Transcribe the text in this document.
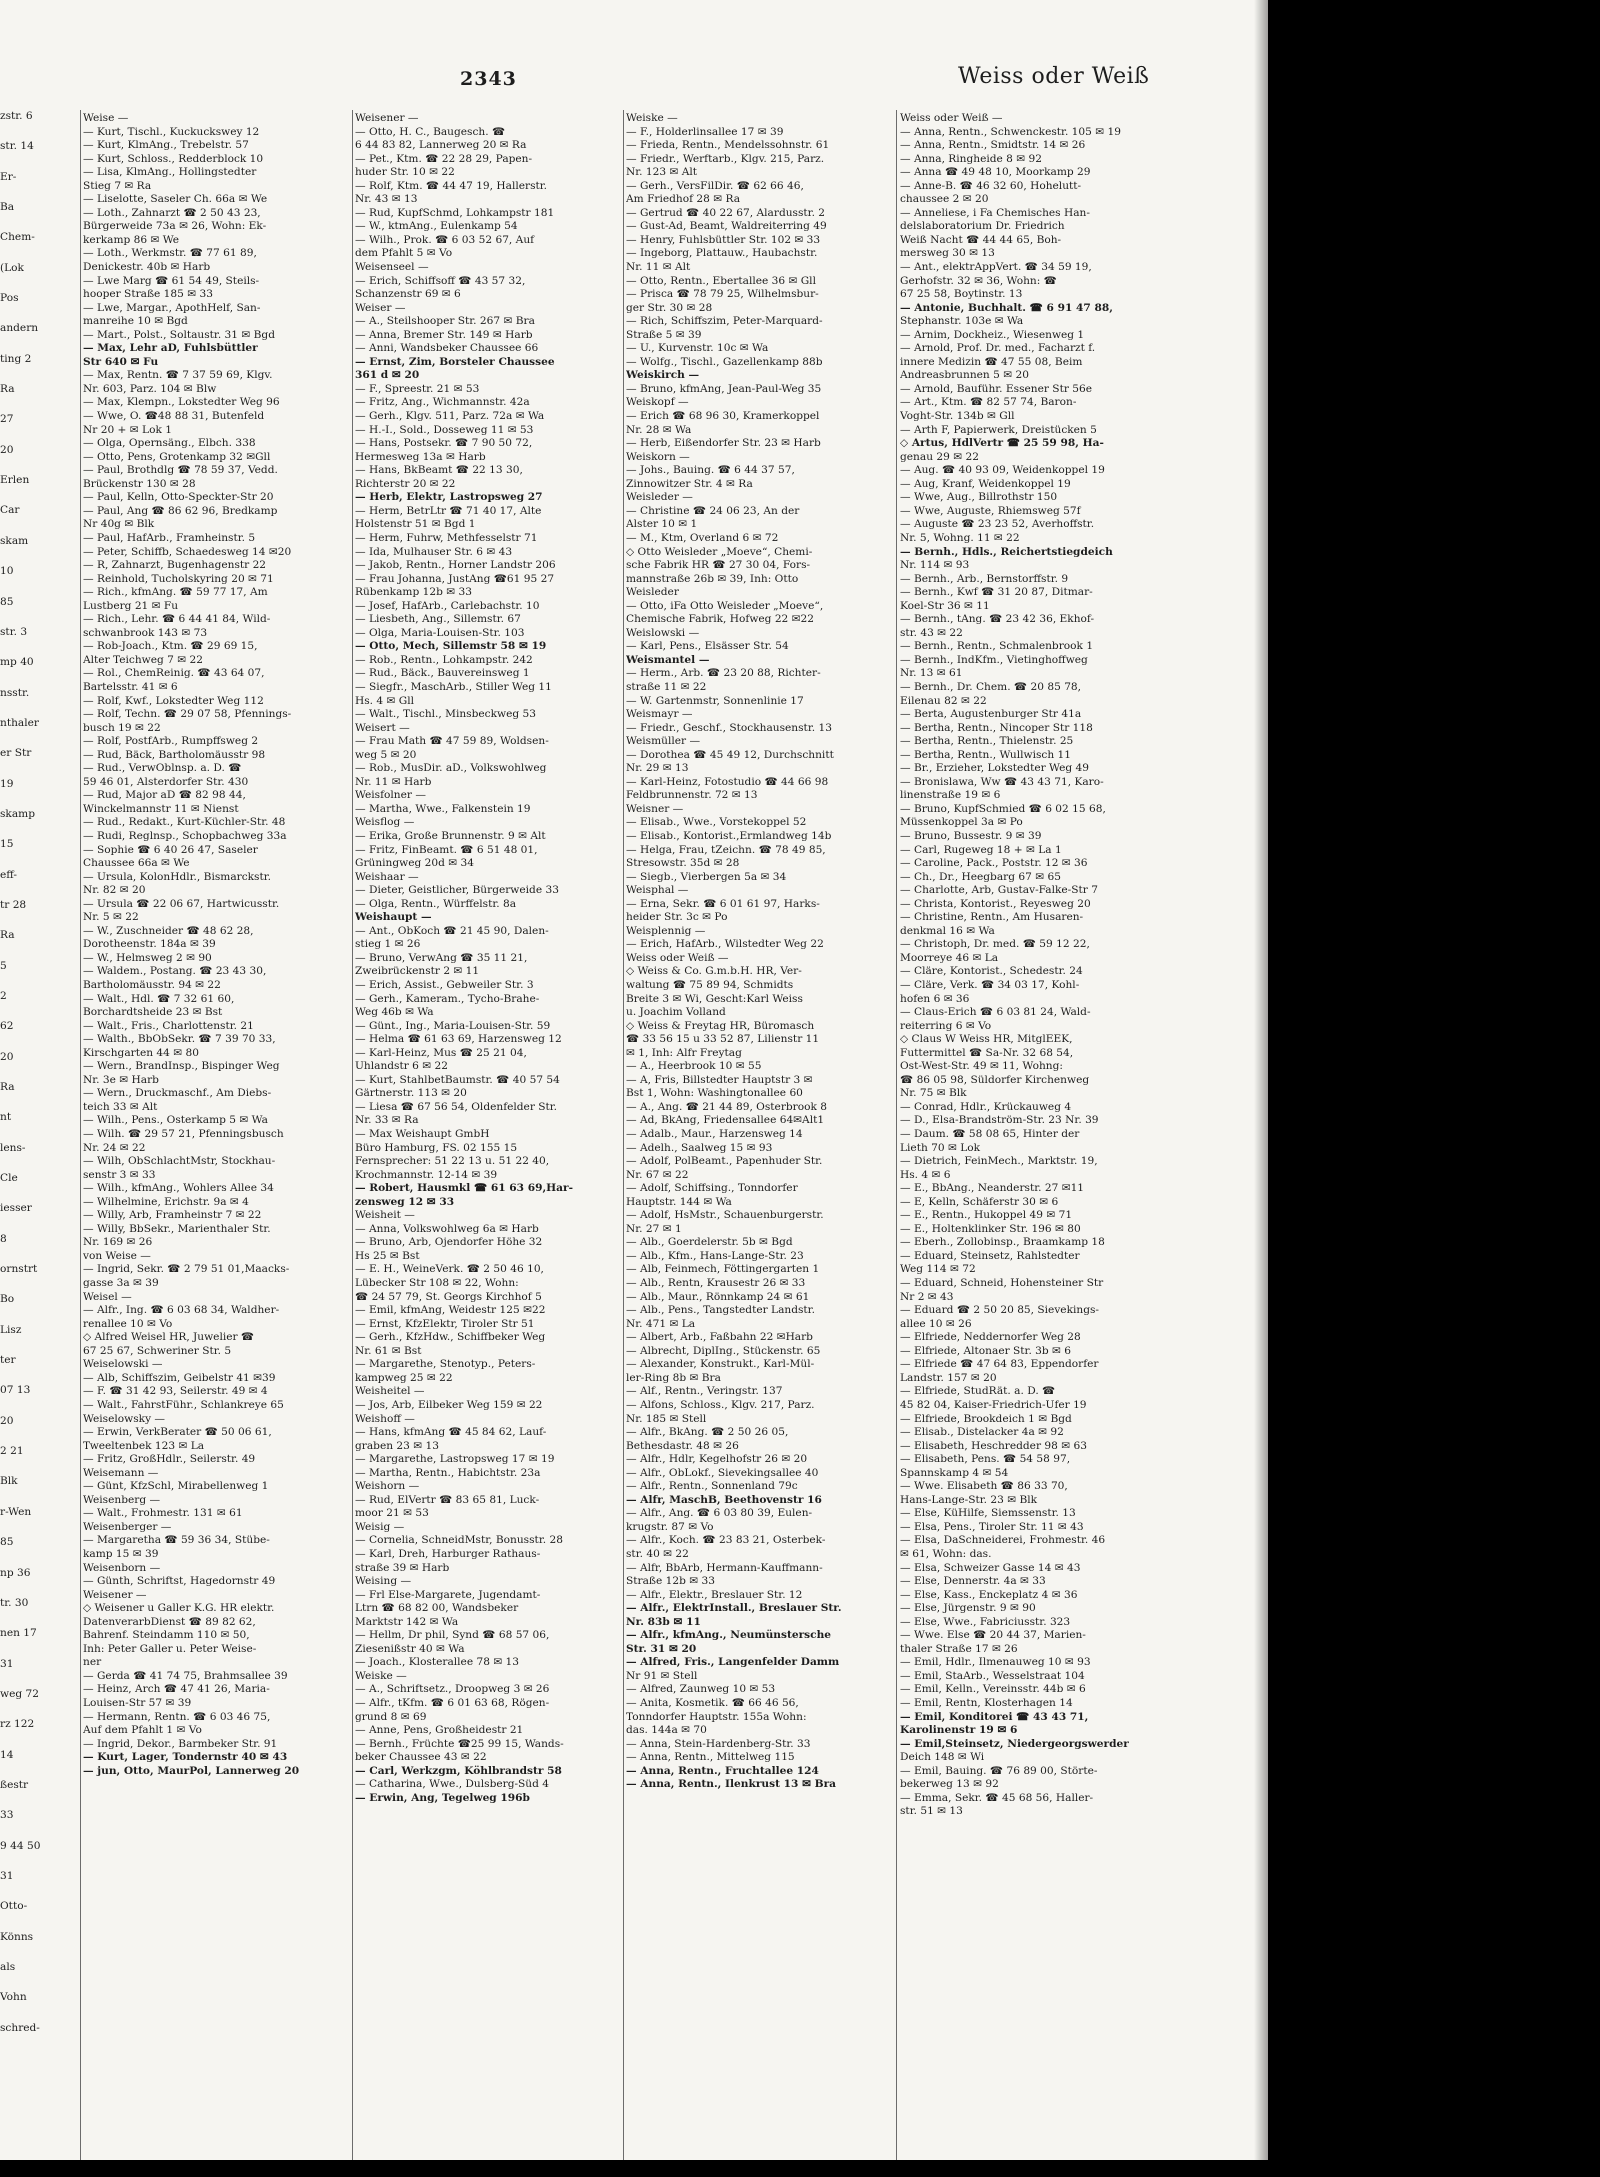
2343	Weiss oder Weiß
zstr. 6
str. 14
Er-
Ba
Chem-
(Lok
Pos
andern
ting 2
Ra
27
20
Erlen
Car
skam
10
85
str. 3
mp 40
nsstr.
nthaler
er Str
19
skamp
15
eff-
tr 28
Ra
5
2
62
20
Ra
nt
lens-
Cle
iesser
8
ornstrt
Bo
Lisz
ter
07 13
20
2 21
Blk
r-Wen
85
np 36
tr. 30
nen 17
31
weg 72
rz 122
14
ßestr
33
9 44 50
31
Otto-
Könns
als
Vohn
schred-
Weise —
— Kurt, Tischl., Kuckuckswey 12
— Kurt, KlmAng., Trebelstr. 57
— Kurt, Schloss., Redderblock 10
— Lisa, KlmAng., Hollingstedter
Stieg 7 ✉ Ra
— Liselotte, Saseler Ch. 66a ✉ We
— Loth., Zahnarzt ☎ 2 50 43 23,
Bürgerweide 73a ✉ 26, Wohn: Ek-
kerkamp 86 ✉ We
— Loth., Werkmstr. ☎ 77 61 89,
Denickestr. 40b ✉ Harb
— Lwe Marg ☎ 61 54 49, Steils-
hooper Straße 185 ✉ 33
— Lwe, Margar., ApothHelf, San-
manreihe 10 ✉ Bgd
— Mart., Polst., Soltaustr. 31 ✉ Bgd
— Max, Lehr aD, Fuhlsbüttler
Str 640 ✉ Fu
— Max, Rentn. ☎ 7 37 59 69, Klgv.
Nr. 603, Parz. 104 ✉ Blw
— Max, Klempn., Lokstedter Weg 96
— Wwe, O. ☎48 88 31, Butenfeld
Nr 20 + ✉ Lok 1
— Olga, Opernsäng., Elbch. 338
— Otto, Pens, Grotenkamp 32 ✉Gll
— Paul, Brothdlg ☎ 78 59 37, Vedd.
Brückenstr 130 ✉ 28
— Paul, Kelln, Otto-Speckter-Str 20
— Paul, Ang ☎ 86 62 96, Bredkamp
Nr 40g ✉ Blk
— Paul, HafArb., Framheinstr. 5
— Peter, Schiffb, Schaedesweg 14 ✉20
— R, Zahnarzt, Bugenhagenstr 22
— Reinhold, Tucholskyring 20 ✉ 71
— Rich., kfmAng. ☎ 59 77 17, Am
Lustberg 21 ✉ Fu
— Rich., Lehr. ☎ 6 44 41 84, Wild-
schwanbrook 143 ✉ 73
— Rob-Joach., Ktm. ☎ 29 69 15,
Alter Teichweg 7 ✉ 22
— Rol., ChemReinig. ☎ 43 64 07,
Bartelsstr. 41 ✉ 6
— Rolf, Kwf., Lokstedter Weg 112
— Rolf, Techn. ☎ 29 07 58, Pfennings-
busch 19 ✉ 22
— Rolf, PostfArb., Rumpffsweg 2
— Rud, Bäck, Bartholomäusstr 98
— Rud., VerwOblnsp. a. D. ☎
59 46 01, Alsterdorfer Str. 430
— Rud, Major aD ☎ 82 98 44,
Winckelmannstr 11 ✉ Nienst
— Rud., Redakt., Kurt-Küchler-Str. 48
— Rudi, Reglnsp., Schopbachweg 33a
— Sophie ☎ 6 40 26 47, Saseler
Chaussee 66a ✉ We
— Ursula, KolonHdlr., Bismarckstr.
Nr. 82 ✉ 20
— Ursula ☎ 22 06 67, Hartwicusstr.
Nr. 5 ✉ 22
— W., Zuschneider ☎ 48 62 28,
Dorotheenstr. 184a ✉ 39
— W., Helmsweg 2 ✉ 90
— Waldem., Postang. ☎ 23 43 30,
Bartholomäusstr. 94 ✉ 22
— Walt., Hdl. ☎ 7 32 61 60,
Borchardtsheide 23 ✉ Bst
— Walt., Fris., Charlottenstr. 21
— Walth., BbObSekr. ☎ 7 39 70 33,
Kirschgarten 44 ✉ 80
— Wern., BrandInsp., Bispinger Weg
Nr. 3e ✉ Harb
— Wern., Druckmaschf., Am Diebs-
teich 33 ✉ Alt
— Wilh., Pens., Osterkamp 5 ✉ Wa
— Wilh. ☎ 29 57 21, Pfenningsbusch
Nr. 24 ✉ 22
— Wilh, ObSchlachtMstr, Stockhau-
senstr 3 ✉ 33
— Wilh., kfmAng., Wohlers Allee 34
— Wilhelmine, Erichstr. 9a ✉ 4
— Willy, Arb, Framheinstr 7 ✉ 22
— Willy, BbSekr., Marienthaler Str.
Nr. 169 ✉ 26
von Weise —
— Ingrid, Sekr. ☎ 2 79 51 01,Maacks-
gasse 3a ✉ 39
Weisel —
— Alfr., Ing. ☎ 6 03 68 34, Waldher-
renallee 10 ✉ Vo
◇ Alfred Weisel HR, Juwelier ☎
67 25 67, Schweriner Str. 5
Weiselowski —
— Alb, Schiffszim, Geibelstr 41 ✉39
— F. ☎ 31 42 93, Seilerstr. 49 ✉ 4
— Walt., FahrstFühr., Schlankreye 65
Weiselowsky —
— Erwin, VerkBerater ☎ 50 06 61,
Tweeltenbek 123 ✉ La
— Fritz, GroßHdlr., Seilerstr. 49
Weisemann —
— Günt, KfzSchl, Mirabellenweg 1
Weisenberg —
— Walt., Frohmestr. 131 ✉ 61
Weisenberger —
— Margaretha ☎ 59 36 34, Stübe-
kamp 15 ✉ 39
Weisenborn —
— Günth, Schriftst, Hagedornstr 49
Weisener —
◇ Weisener u Galler K.G. HR elektr.
DatenverarbDienst ☎ 89 82 62,
Bahrenf. Steindamm 110 ✉ 50,
Inh: Peter Galler u. Peter Weise-
ner
— Gerda ☎ 41 74 75, Brahmsallee 39
— Heinz, Arch ☎ 47 41 26, Maria-
Louisen-Str 57 ✉ 39
— Hermann, Rentn. ☎ 6 03 46 75,
Auf dem Pfahlt 1 ✉ Vo
— Ingrid, Dekor., Barmbeker Str. 91
— Kurt, Lager, Tondernstr 40 ✉ 43
— jun, Otto, MaurPol, Lannerweg 20
Weisener —
— Otto, H. C., Baugesch. ☎
6 44 83 82, Lannerweg 20 ✉ Ra
— Pet., Ktm. ☎ 22 28 29, Papen-
huder Str. 10 ✉ 22
— Rolf, Ktm. ☎ 44 47 19, Hallerstr.
Nr. 43 ✉ 13
— Rud, KupfSchmd, Lohkampstr 181
— W., ktmAng., Eulenkamp 54
— Wilh., Prok. ☎ 6 03 52 67, Auf
dem Pfahlt 5 ✉ Vo
Weisenseel —
— Erich, Schiffsoff ☎ 43 57 32,
Schanzenstr 69 ✉ 6
Weiser —
— A., Steilshooper Str. 267 ✉ Bra
— Anna, Bremer Str. 149 ✉ Harb
— Anni, Wandsbeker Chaussee 66
— Ernst, Zim, Borsteler Chaussee
361 d ✉ 20
— F., Spreestr. 21 ✉ 53
— Fritz, Ang., Wichmannstr. 42a
— Gerh., Klgv. 511, Parz. 72a ✉ Wa
— H.-I., Sold., Dosseweg 11 ✉ 53
— Hans, Postsekr. ☎ 7 90 50 72,
Hermesweg 13a ✉ Harb
— Hans, BkBeamt ☎ 22 13 30,
Richterstr 20 ✉ 22
— Herb, Elektr, Lastropsweg 27
— Herm, BetrLtr ☎ 71 40 17, Alte
Holstenstr 51 ✉ Bgd 1
— Herm, Fuhrw, Methfesselstr 71
— Ida, Mulhauser Str. 6 ✉ 43
— Jakob, Rentn., Horner Landstr 206
— Frau Johanna, JustAng ☎61 95 27
Rübenkamp 12b ✉ 33
— Josef, HafArb., Carlebachstr. 10
— Liesbeth, Ang., Sillemstr. 67
— Olga, Maria-Louisen-Str. 103
— Otto, Mech, Sillemstr 58 ✉ 19
— Rob., Rentn., Lohkampstr. 242
— Rud., Bäck., Bauvereinsweg 1
— Siegfr., MaschArb., Stiller Weg 11
Hs. 4 ✉ Gll
— Walt., Tischl., Minsbeckweg 53
Weisert —
— Frau Math ☎ 47 59 89, Woldsen-
weg 5 ✉ 20
— Rob., MusDir. aD., Volkswohlweg
Nr. 11 ✉ Harb
Weisfolner —
— Martha, Wwe., Falkenstein 19
Weisflog —
— Erika, Große Brunnenstr. 9 ✉ Alt
— Fritz, FinBeamt. ☎ 6 51 48 01,
Grüningweg 20d ✉ 34
Weishaar —
— Dieter, Geistlicher, Bürgerweide 33
— Olga, Rentn., Würffelstr. 8a
Weishaupt —
— Ant., ObKoch ☎ 21 45 90, Dalen-
stieg 1 ✉ 26
— Bruno, VerwAng ☎ 35 11 21,
Zweibrückenstr 2 ✉ 11
— Erich, Assist., Gebweiler Str. 3
— Gerh., Kameram., Tycho-Brahe-
Weg 46b ✉ Wa
— Günt., Ing., Maria-Louisen-Str. 59
— Helma ☎ 61 63 69, Harzensweg 12
— Karl-Heinz, Mus ☎ 25 21 04,
Uhlandstr 6 ✉ 22
— Kurt, StahlbetBaumstr. ☎ 40 57 54
Gärtnerstr. 113 ✉ 20
— Liesa ☎ 67 56 54, Oldenfelder Str.
Nr. 33 ✉ Ra
— Max Weishaupt GmbH
Büro Hamburg, FS. 02 155 15
Fernsprecher: 51 22 13 u. 51 22 40,
Krochmannstr. 12-14 ✉ 39
— Robert, Hausmkl ☎ 61 63 69,Har-
zensweg 12 ✉ 33
Weisheit —
— Anna, Volkswohlweg 6a ✉ Harb
— Bruno, Arb, Ojendorfer Höhe 32
Hs 25 ✉ Bst
— E. H., WeineVerk. ☎ 2 50 46 10,
Lübecker Str 108 ✉ 22, Wohn:
☎ 24 57 79, St. Georgs Kirchhof 5
— Emil, kfmAng, Weidestr 125 ✉22
— Ernst, KfzElektr, Tiroler Str 51
— Gerh., KfzHdw., Schiffbeker Weg
Nr. 61 ✉ Bst
— Margarethe, Stenotyp., Peters-
kampweg 25 ✉ 22
Weisheitel —
— Jos, Arb, Eilbeker Weg 159 ✉ 22
Weishoff —
— Hans, kfmAng ☎ 45 84 62, Lauf-
graben 23 ✉ 13
— Margarethe, Lastropsweg 17 ✉ 19
— Martha, Rentn., Habichtstr. 23a
Weishorn —
— Rud, ElVertr ☎ 83 65 81, Luck-
moor 21 ✉ 53
Weisig —
— Cornelia, SchneidMstr, Bonusstr. 28
— Karl, Dreh, Harburger Rathaus-
straße 39 ✉ Harb
Weising —
— Frl Else-Margarete, Jugendamt-
Ltrn ☎ 68 82 00, Wandsbeker
Marktstr 142 ✉ Wa
— Hellm, Dr phil, Synd ☎ 68 57 06,
Zieseniß​str 40 ✉ Wa
— Joach., Klosterallee 78 ✉ 13
Weiske —
— A., Schriftsetz., Droopweg 3 ✉ 26
— Alfr., tKfm. ☎ 6 01 63 68, Rögen-
grund 8 ✉ 69
— Anne, Pens, Großheidestr 21
— Bernh., Früchte ☎25 99 15, Wands-
beker Chaussee 43 ✉ 22
— Carl, Werkzgm, Köhlbrandstr 58
— Catharina, Wwe., Dulsberg-Süd 4
— Erwin, Ang, Tegelweg 196b
Weiske —
— F., Holderlinsallee 17 ✉ 39
— Frieda, Rentn., Mendelssohnstr. 61
— Friedr., Werftarb., Klgv. 215, Parz.
Nr. 123 ✉ Alt
— Gerh., VersFilDir. ☎ 62 66 46,
Am Friedhof 28 ✉ Ra
— Gertrud ☎ 40 22 67, Alardusstr. 2
— Gust-Ad, Beamt, Waldreiterring 49
— Henry, Fuhlsbüttler Str. 102 ✉ 33
— Ingeborg, Plattauw., Haubachstr.
Nr. 11 ✉ Alt
— Otto, Rentn., Ebertallee 36 ✉ Gll
— Prisca ☎ 78 79 25, Wilhelmsbur-
ger Str. 30 ✉ 28
— Rich, Schiffszim, Peter-Marquard-
Straße 5 ✉ 39
— U., Kurvenstr. 10c ✉ Wa
— Wolfg., Tischl., Gazellenkamp 88b
Weiskirch —
— Bruno, kfmAng, Jean-Paul-Weg 35
Weiskopf —
— Erich ☎ 68 96 30, Kramerkoppel
Nr. 28 ✉ Wa
— Herb, Eißendorfer Str. 23 ✉ Harb
Weiskorn —
— Johs., Bauing. ☎ 6 44 37 57,
Zinnowitzer Str. 4 ✉ Ra
Weisleder —
— Christine ☎ 24 06 23, An der
Alster 10 ✉ 1
— M., Ktm, Overland 6 ✉ 72
◇ Otto Weisleder „Moeve“, Chemi-
sche Fabrik HR ☎ 27 30 04, Fors-
mannstraße 26b ✉ 39, Inh: Otto
Weisleder
— Otto, iFa Otto Weisleder „Moeve“,
Chemische Fabrik, Hofweg 22 ✉22
Weislowski —
— Karl, Pens., Elsässer Str. 54
Weismantel —
— Herm., Arb. ☎ 23 20 88, Richter-
straße 11 ✉ 22
— W. Gartenmstr, Sonnenlinie 17
Weismayr —
— Friedr., Geschf., Stockhausenstr. 13
Weismüller —
— Dorothea ☎ 45 49 12, Durchschnitt
Nr. 29 ✉ 13
— Karl-Heinz, Fotostudio ☎ 44 66 98
Feldbrunnenstr. 72 ✉ 13
Weisner —
— Elisab., Wwe., Vorstekoppel 52
— Elisab., Kontorist.,Ermlandweg 14b
— Helga, Frau, tZeichn. ☎ 78 49 85,
Stresowstr. 35d ✉ 28
— Siegb., Vierbergen 5a ✉ 34
Weisphal —
— Erna, Sekr. ☎ 6 01 61 97, Harks-
heider Str. 3c ✉ Po
Weisplennig —
— Erich, HafArb., Wilstedter Weg 22
Weiss oder Weiß —
◇ Weiss & Co. G.m.b.H. HR, Ver-
waltung ☎ 75 89 94, Schmidts
Breite 3 ✉ Wi, Gescht:Karl Weiss
u. Joachim Volland
◇ Weiss & Freytag HR, Büromasch
☎ 33 56 15 u 33 52 87, Lilienstr 11
✉ 1, Inh: Alfr Freytag
— A., Heerbrook 10 ✉ 55
— A, Fris, Billstedter Hauptstr 3 ✉
Bst 1, Wohn: Washingtonallee 60
— A., Ang. ☎ 21 44 89, Osterbrook 8
— Ad, BkAng, Friedensallee 64✉Alt1
— Adalb., Maur., Harzensweg 14
— Adelh., Saalweg 15 ✉ 93
— Adolf, PolBeamt., Papenhuder Str.
Nr. 67 ✉ 22
— Adolf, Schiffsing., Tonndorfer
Hauptstr. 144 ✉ Wa
— Adolf, HsMstr., Schauenburgerstr.
Nr. 27 ✉ 1
— Alb., Goerdelerstr. 5b ✉ Bgd
— Alb., Kfm., Hans-Lange-Str. 23
— Alb, Feinmech, Föttingergarten 1
— Alb., Rentn, Krausestr 26 ✉ 33
— Alb., Maur., Rönnkamp 24 ✉ 61
— Alb., Pens., Tangstedter Landstr.
Nr. 471 ✉ La
— Albert, Arb., Faßbahn 22 ✉Harb
— Albrecht, DiplIng., Stückenstr. 65
— Alexander, Konstrukt., Karl-Mül-
ler-Ring 8b ✉ Bra
— Alf., Rentn., Veringstr. 137
— Alfons, Schloss., Klgv. 217, Parz.
Nr. 185 ✉ Stell
— Alfr., BkAng. ☎ 2 50 26 05,
Bethesdastr. 48 ✉ 26
— Alfr., Hdlr, Kegelhofstr 26 ✉ 20
— Alfr., ObLokf., Sievekingsallee 40
— Alfr., Rentn., Sonnenland 79c
— Alfr, MaschB, Beethovenstr 16
— Alfr., Ang. ☎ 6 03 80 39, Eulen-
krugstr. 87 ✉ Vo
— Alfr., Koch. ☎ 23 83 21, Osterbek-
str. 40 ✉ 22
— Alfr, BbArb, Hermann-Kauffmann-
Straße 12b ✉ 33
— Alfr., Elektr., Breslauer Str. 12
— Alfr., ElektrInstall., Breslauer Str.
Nr. 83b ✉ 11
— Alfr., kfmAng., Neumünstersche
Str. 31 ✉ 20
— Alfred, Fris., Langenfelder Damm
Nr 91 ✉ Stell
— Alfred, Zaunweg 10 ✉ 53
— Anita, Kosmetik. ☎ 66 46 56,
Tonndorfer Hauptstr. 155a Wohn:
das. 144a ✉ 70
— Anna, Stein-Hardenberg-Str. 33
— Anna, Rentn., Mittelweg 115
— Anna, Rentn., Fruchtallee 124
— Anna, Rentn., Ilenkrust 13 ✉ Bra
Weiss oder Weiß —
— Anna, Rentn., Schwenckestr. 105 ✉ 19
— Anna, Rentn., Smidtstr. 14 ✉ 26
— Anna, Ringheide 8 ✉ 92
— Anna ☎ 49 48 10, Moorkamp 29
— Anne-B. ☎ 46 32 60, Hohelutt-
chaussee 2 ✉ 20
— Anneliese, i Fa Chemisches Han-
delslaboratorium Dr. Friedrich
Weiß Nacht ☎ 44 44 65, Boh-
mersweg 30 ✉ 13
— Ant., elektrAppVert. ☎ 34 59 19,
Gerhofstr. 32 ✉ 36, Wohn: ☎
67 25 58, Boytinstr. 13
— Antonie, Buchhalt. ☎ 6 91 47 88,
Stephanstr. 103e ✉ Wa
— Arnim, Dockheiz., Wiesenweg 1
— Arnold, Prof. Dr. med., Facharzt f.
innere Medizin ☎ 47 55 08, Beim
Andreasbrunnen 5 ✉ 20
— Arnold, Bauführ. Essener Str 56e
— Art., Ktm. ☎ 82 57 74, Baron-
Voght-Str. 134b ✉ Gll
— Arth F, Papierwerk, Dreistücken 5
◇ Artus, HdlVertr ☎ 25 59 98, Ha-
genau 29 ✉ 22
— Aug. ☎ 40 93 09, Weidenkoppel 19
— Aug, Kranf, Weidenkoppel 19
— Wwe, Aug., Billrothstr 150
— Wwe, Auguste, Rhiemsweg 57f
— Auguste ☎ 23 23 52, Averhoffstr.
Nr. 5, Wohng. 11 ✉ 22
— Bernh., Hdls., Reichertstiegdeich
Nr. 114 ✉ 93
— Bernh., Arb., Bernstorffstr. 9
— Bernh., Kwf ☎ 31 20 87, Ditmar-
Koel-Str 36 ✉ 11
— Bernh., tAng. ☎ 23 42 36, Ekhof-
str. 43 ✉ 22
— Bernh., Rentn., Schmalenbrook 1
— Bernh., IndKfm., Vietinghoffweg
Nr. 13 ✉ 61
— Bernh., Dr. Chem. ☎ 20 85 78,
Eilenau 82 ✉ 22
— Berta, Augustenburger Str 41a
— Bertha, Rentn., Nincoper Str 118
— Bertha, Rentn., Thielenstr. 25
— Bertha, Rentn., Wullwisch 11
— Br., Erzieher, Lokstedter Weg 49
— Bronislawa, Ww ☎ 43 43 71, Karo-
linenstraße 19 ✉ 6
— Bruno, KupfSchmied ☎ 6 02 15 68,
Müssenkoppel 3a ✉ Po
— Bruno, Bussestr. 9 ✉ 39
— Carl, Rugeweg 18 + ✉ La 1
— Caroline, Pack., Poststr. 12 ✉ 36
— Ch., Dr., Heegbarg 67 ✉ 65
— Charlotte, Arb, Gustav-Falke-Str 7
— Christa, Kontorist., Reyesweg 20
— Christine, Rentn., Am Husaren-
denkmal 16 ✉ Wa
— Christoph, Dr. med. ☎ 59 12 22,
Moorreye 46 ✉ La
— Cläre, Kontorist., Schedestr. 24
— Cläre, Verk. ☎ 34 03 17, Kohl-
hofen 6 ✉ 36
— Claus-Erich ☎ 6 03 81 24, Wald-
reiterring 6 ✉ Vo
◇ Claus W Weiss HR, MitglEEK,
Futtermittel ☎ Sa-Nr. 32 68 54,
Ost-West-Str. 49 ✉ 11, Wohng:
☎ 86 05 98, Süldorfer Kirchenweg
Nr. 75 ✉ Blk
— Conrad, Hdlr., Krückauweg 4
— D., Elsa-Brandström-Str. 23 Nr. 39
— Daum. ☎ 58 08 65, Hinter der
Lieth 70 ✉ Lok
— Dietrich, FeinMech., Marktstr. 19,
Hs. 4 ✉ 6
— E., BbAng., Neanderstr. 27 ✉11
— E, Kelln, Schäferstr 30 ✉ 6
— E., Rentn., Hukoppel 49 ✉ 71
— E., Holtenklinker Str. 196 ✉ 80
— Eberh., Zollobinsp., Braamkamp 18
— Eduard, Steinsetz, Rahlstedter
Weg 114 ✉ 72
— Eduard, Schneid, Hohensteiner Str
Nr 2 ✉ 43
— Eduard ☎ 2 50 20 85, Sievekings-
allee 10 ✉ 26
— Elfriede, Neddernorfer Weg 28
— Elfriede, Altonaer Str. 3b ✉ 6
— Elfriede ☎ 47 64 83, Eppendorfer
Landstr. 157 ✉ 20
— Elfriede, StudRät. a. D. ☎
45 82 04, Kaiser-Friedrich-Ufer 19
— Elfriede, Brookdeich 1 ✉ Bgd
— Elisab., Distelacker 4a ✉ 92
— Elisabeth, Heschredder 98 ✉ 63
— Elisabeth, Pens. ☎ 54 58 97,
Spannskamp 4 ✉ 54
— Wwe. Elisabeth ☎ 86 33 70,
Hans-Lange-Str. 23 ✉ Blk
— Else, KüHilfe, Siemssenstr. 13
— Elsa, Pens., Tiroler Str. 11 ✉ 43
— Elsa, DaSchneiderei, Frohmestr. 46
✉ 61, Wohn: das.
— Elsa, Schweizer Gasse 14 ✉ 43
— Else, Dennerstr. 4a ✉ 33
— Else, Kass., Enckeplatz 4 ✉ 36
— Else, Jürgenstr. 9 ✉ 90
— Else, Wwe., Fabriciusstr. 323
— Wwe. Else ☎ 20 44 37, Marien-
thaler Straße 17 ✉ 26
— Emil, Hdlr., Ilmenauweg 10 ✉ 93
— Emil, StaArb., Wesselstraat 104
— Emil, Kelln., Vereinsstr. 44b ✉ 6
— Emil, Rentn, Klosterhagen 14
— Emil, Konditorei ☎ 43 43 71,
Karolinenstr 19 ✉ 6
— Emil,Steinsetz, Niedergeorgswerder
Deich 148 ✉ Wi
— Emil, Bauing. ☎ 76 89 00, Störte-
bekerweg 13 ✉ 92
— Emma, Sekr. ☎ 45 68 56, Haller-
str. 51 ✉ 13
